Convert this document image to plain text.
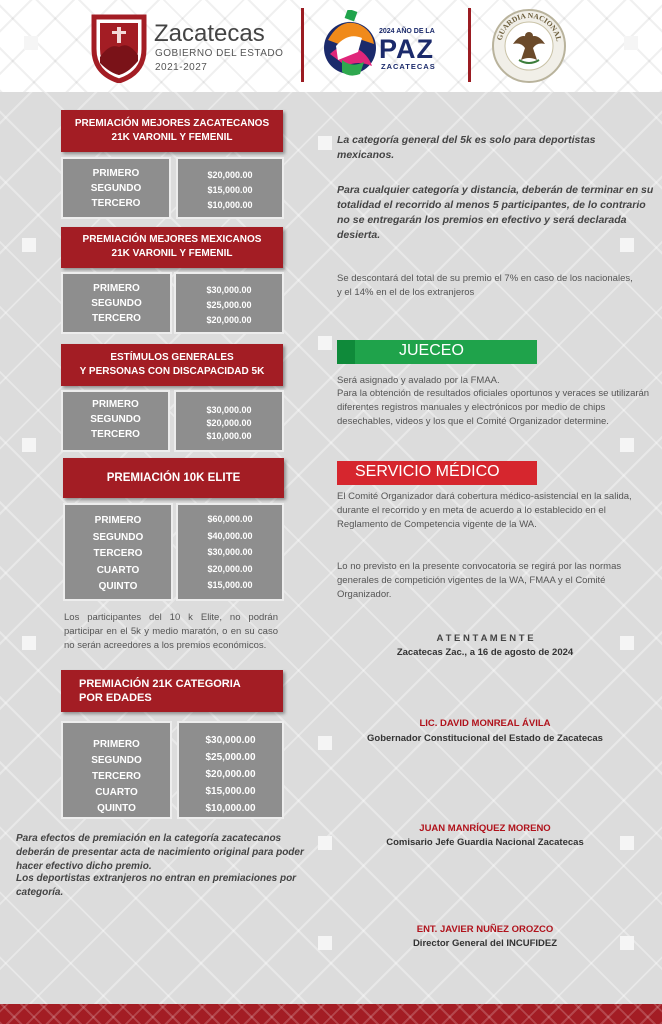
Zacatecas
GOBIERNO DEL ESTADO
2021-2027
2024 AÑO DE LA
PAZ
ZACATECAS
GUARDIA NACIONAL
PREMIACIÓN MEJORES ZACATECANOS
21K VARONIL Y FEMENIL
PRIMERO
SEGUNDO
TERCERO
$20,000.00
$15,000.00
$10,000.00
PREMIACIÓN MEJORES MEXICANOS
21K VARONIL Y FEMENIL
PRIMERO
SEGUNDO
TERCERO
$30,000.00
$25,000.00
$20,000.00
ESTÍMULOS GENERALES
Y PERSONAS CON DISCAPACIDAD 5K
PRIMERO
SEGUNDO
TERCERO
$30,000.00
$20,000.00
$10,000.00
PREMIACIÓN 10K ELITE
PRIMERO
SEGUNDO
TERCERO
CUARTO
QUINTO
$60,000.00
$40,000.00
$30,000.00
$20,000.00
$15,000.00
Los participantes del 10 k Elite, no podrán participar en el 5k y medio maratón, o en su caso no serán acreedores a los premios económicos.
PREMIACIÓN 21K CATEGORIA
POR EDADES
PRIMERO
SEGUNDO
TERCERO
CUARTO
QUINTO
$30,000.00
$25,000.00
$20,000.00
$15,000.00
$10,000.00
Para efectos de premiación en la categoría zacatecanos deberán de presentar acta de nacimiento original para poder hacer efectivo dicho premio.
Los deportistas extranjeros no entran en premiaciones por categoría.
La categoría general del 5k es solo para deportistas mexicanos.
Para cualquier categoría y distancia, deberán de terminar en su totalidad el recorrido al menos 5 participantes, de lo contrario no se entregarán los premios en efectivo y será declarada desierta.
Se descontará del total de su premio el 7% en caso de los nacionales, y el 14% en el de los extranjeros
JUECEO
Será asignado y avalado por la FMAA.
Para la obtención de resultados oficiales oportunos y veraces se utilizarán diferentes registros manuales y electrónicos por medio de chips desechables, videos y los que el Comité Organizador determine.
SERVICIO MÉDICO
El Comité Organizador dará cobertura médico-asistencial en la salida, durante el recorrido y en meta de acuerdo a lo establecido en el Reglamento de Competencia vigente de la WA.
Lo no previsto en la presente convocatoria se regirá por las normas generales de competición vigentes de la WA, FMAA y el Comité Organizador.
A T E N T A M E N T E
Zacatecas Zac., a 16 de agosto de 2024
LIC. DAVID MONREAL ÁVILA
Gobernador Constitucional del Estado de Zacatecas
JUAN MANRÍQUEZ MORENO
Comisario Jefe Guardia Nacional Zacatecas
ENT. JAVIER NUÑEZ OROZCO
Director General del INCUFIDEZ
